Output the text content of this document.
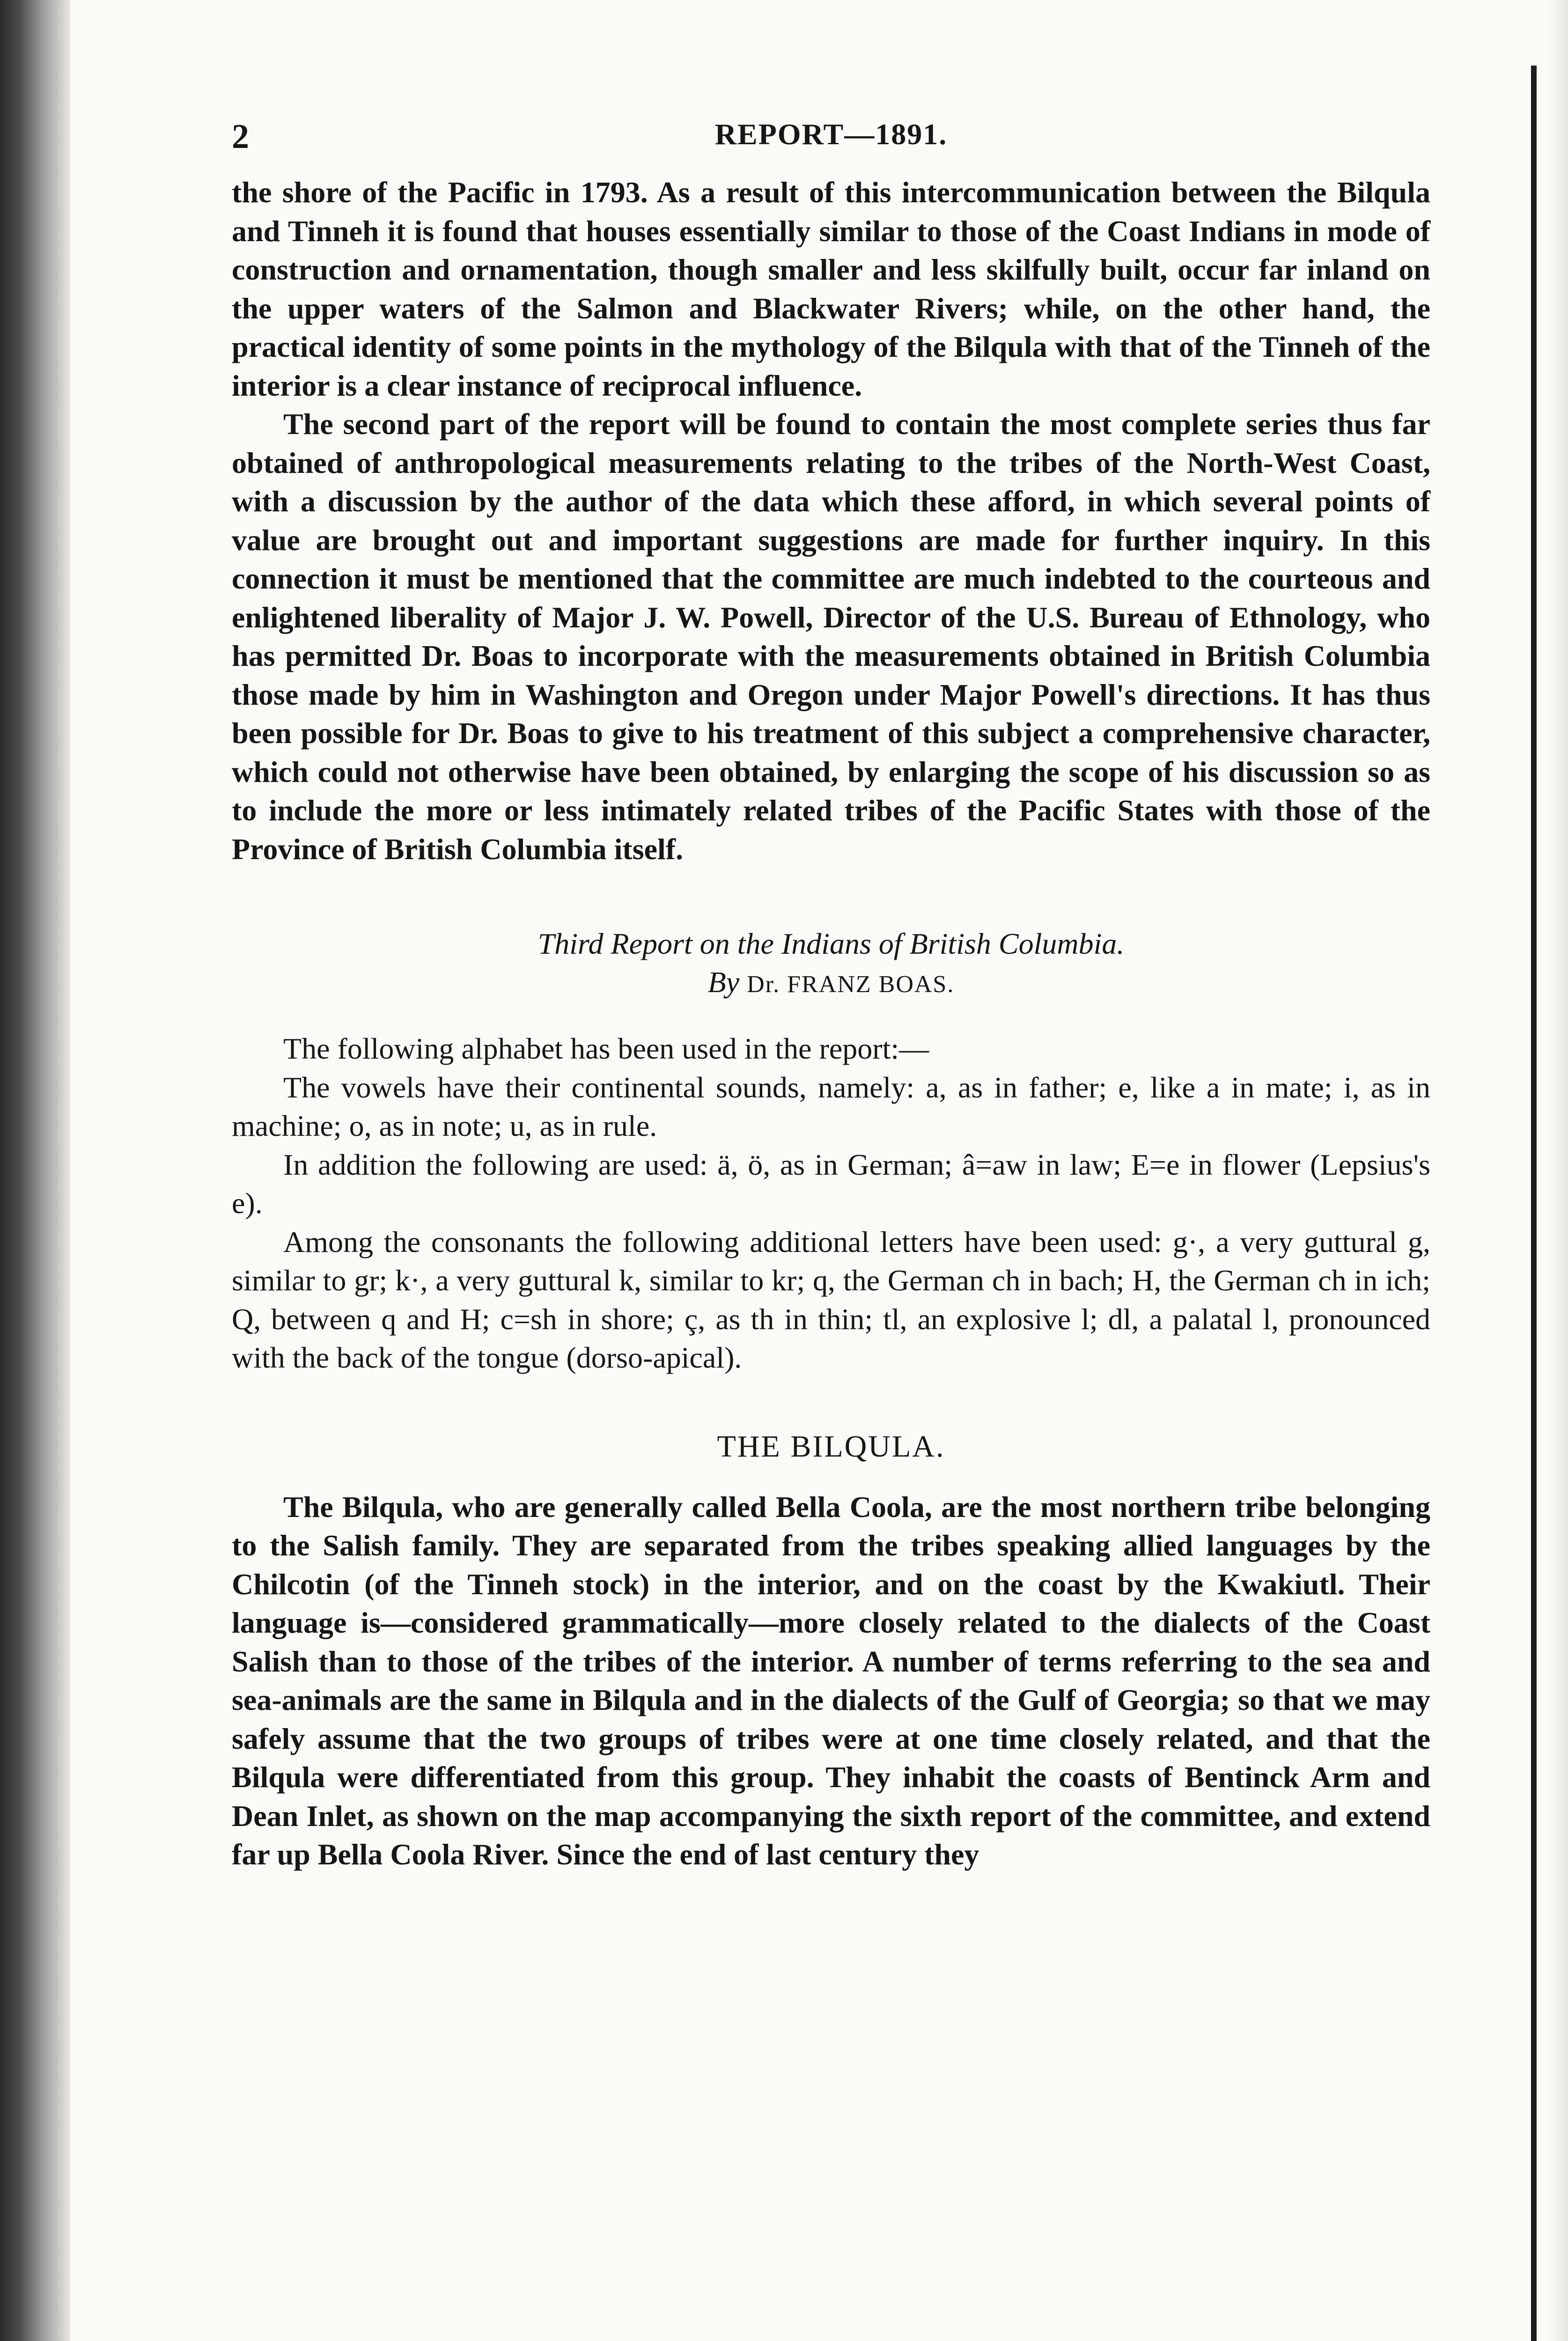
2	REPORT—1891.

the shore of the Pacific in 1793. As a result of this intercommunication between the Bilqula and Tinneh it is found that houses essentially similar to those of the Coast Indians in mode of construction and ornamentation, though smaller and less skilfully built, occur far inland on the upper waters of the Salmon and Blackwater Rivers; while, on the other hand, the practical identity of some points in the mythology of the Bilqula with that of the Tinneh of the interior is a clear instance of reciprocal influence.

The second part of the report will be found to contain the most complete series thus far obtained of anthropological measurements relating to the tribes of the North-West Coast, with a discussion by the author of the data which these afford, in which several points of value are brought out and important suggestions are made for further inquiry. In this connection it must be mentioned that the committee are much indebted to the courteous and enlightened liberality of Major J. W. Powell, Director of the U.S. Bureau of Ethnology, who has permitted Dr. Boas to incorporate with the measurements obtained in British Columbia those made by him in Washington and Oregon under Major Powell's directions. It has thus been possible for Dr. Boas to give to his treatment of this subject a comprehensive character, which could not otherwise have been obtained, by enlarging the scope of his discussion so as to include the more or less intimately related tribes of the Pacific States with those of the Province of British Columbia itself.

Third Report on the Indians of British Columbia.
By Dr. FRANZ BOAS.

The following alphabet has been used in the report:—

The vowels have their continental sounds, namely: a, as in father; e, like a in mate; i, as in machine; o, as in note; u, as in rule.

In addition the following are used: ä, ö, as in German; â=aw in law; E=e in flower (Lepsius's e).

Among the consonants the following additional letters have been used: g·, a very guttural g, similar to gr; k·, a very guttural k, similar to kr; q, the German ch in bach; H, the German ch in ich; Q, between q and H; c=sh in shore; ç, as th in thin; tl, an explosive l; dl, a palatal l, pronounced with the back of the tongue (dorso-apical).

THE BILQULA.

The Bilqula, who are generally called Bella Coola, are the most northern tribe belonging to the Salish family. They are separated from the tribes speaking allied languages by the Chilcotin (of the Tinneh stock) in the interior, and on the coast by the Kwakiutl. Their language is—considered grammatically—more closely related to the dialects of the Coast Salish than to those of the tribes of the interior. A number of terms referring to the sea and sea-animals are the same in Bilqula and in the dialects of the Gulf of Georgia; so that we may safely assume that the two groups of tribes were at one time closely related, and that the Bilqula were differentiated from this group. They inhabit the coasts of Bentinck Arm and Dean Inlet, as shown on the map accompanying the sixth report of the committee, and extend far up Bella Coola River. Since the end of last century they
